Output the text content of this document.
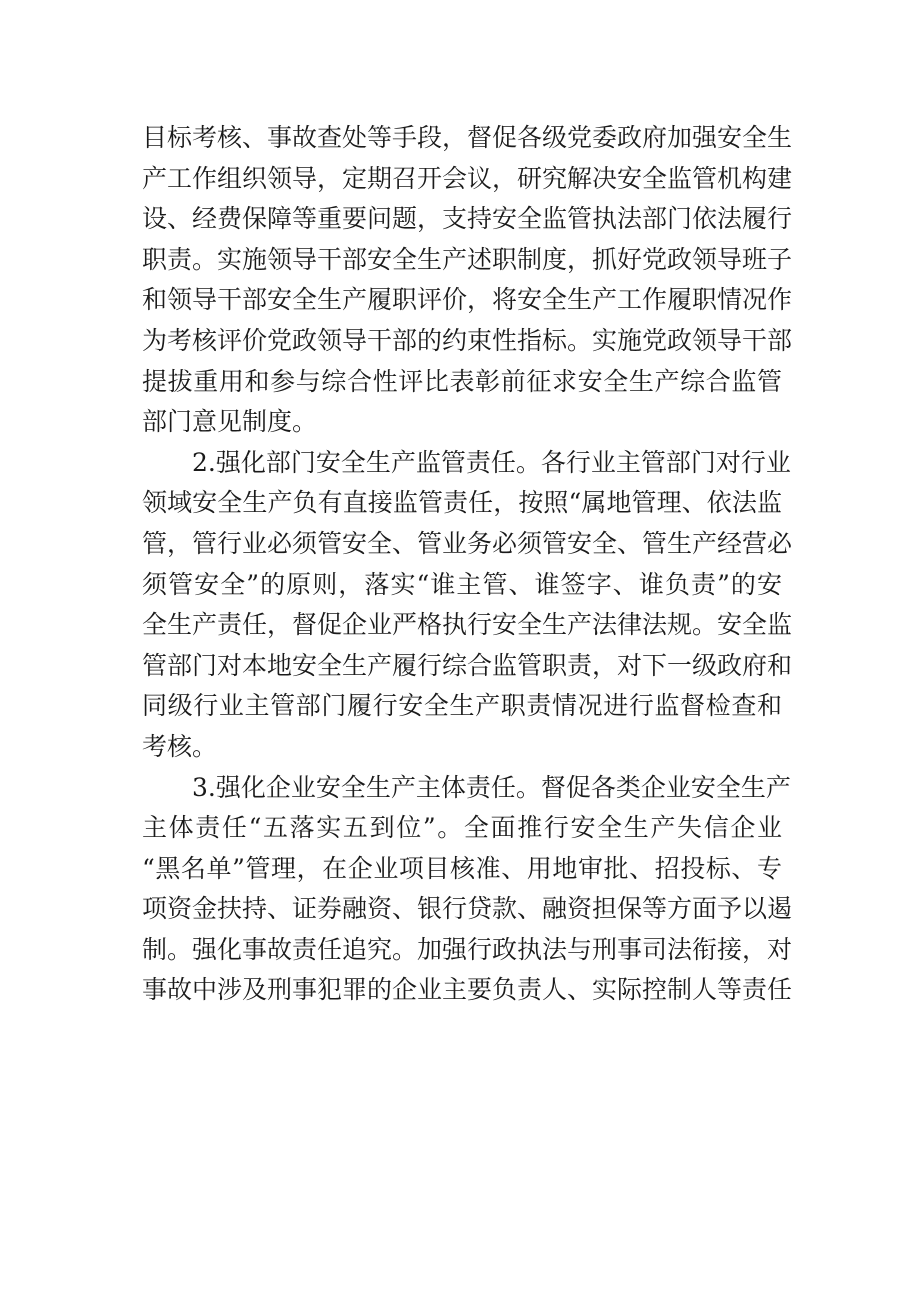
目标考核、事故查处等手段，督促各级党委政府加强安全生
产工作组织领导，定期召开会议，研究解决安全监管机构建
设、经费保障等重要问题，支持安全监管执法部门依法履行
职责。实施领导干部安全生产述职制度，抓好党政领导班子
和领导干部安全生产履职评价，将安全生产工作履职情况作
为考核评价党政领导干部的约束性指标。实施党政领导干部
提拔重用和参与综合性评比表彰前征求安全生产综合监管
部门意见制度。
2.强化部门安全生产监管责任。各行业主管部门对行业
领域安全生产负有直接监管责任，按照“属地管理、依法监
管，管行业必须管安全、管业务必须管安全、管生产经营必
须管安全”的原则，落实“谁主管、谁签字、谁负责”的安
全生产责任，督促企业严格执行安全生产法律法规。安全监
管部门对本地安全生产履行综合监管职责，对下一级政府和
同级行业主管部门履行安全生产职责情况进行监督检查和
考核。
3.强化企业安全生产主体责任。督促各类企业安全生产
主体责任“五落实五到位”。全面推行安全生产失信企业
“黑名单”管理，在企业项目核准、用地审批、招投标、专
项资金扶持、证券融资、银行贷款、融资担保等方面予以遏
制。强化事故责任追究。加强行政执法与刑事司法衔接，对
事故中涉及刑事犯罪的企业主要负责人、实际控制人等责任
